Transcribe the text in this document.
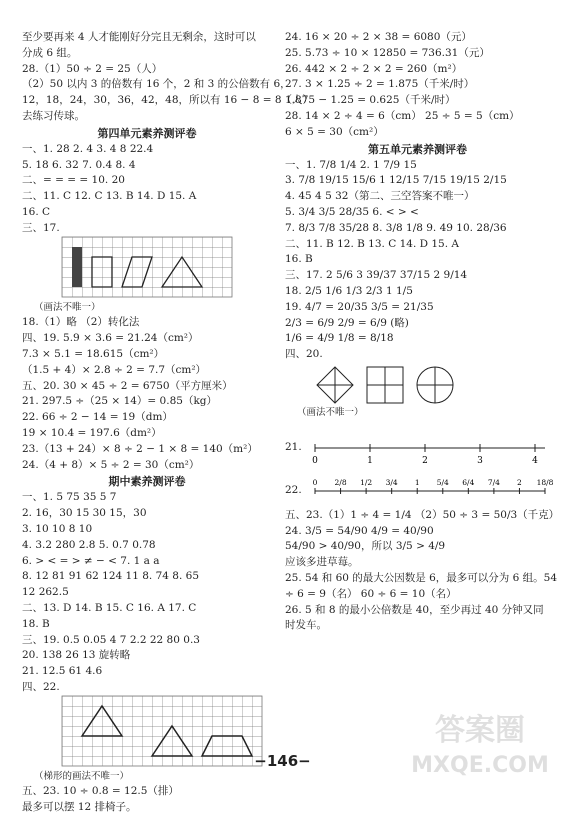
至少要再来 4 人才能刚好分完且无剩余，这时可以
分成 6 组。
28.（1）50 ÷ 2 = 25（人）
（2）50 以内 3 的倍数有 16 个，2 和 3 的公倍数有 6，
12，18，24，30，36，42，48，所以有 16 − 8 = 8（人）
去练习传球。
第四单元素养测评卷
一、1. 28 2. 4 3. 4 8 22.4
5. 18 6. 32 7. 0.4 8. 4
二、= = = = 10. 20
二、11. C 12. C 13. B 14. D 15. A
16. C
三、17.
（画法不唯一）
18.（1）略 （2）转化法
四、19. 5.9 × 3.6 = 21.24（cm²）
7.3 × 5.1 = 18.615（cm²）
（1.5 + 4）× 2.8 ÷ 2 = 7.7（cm²）
五、20. 30 × 45 ÷ 2 = 6750（平方厘米）
21. 297.5 ÷（25 × 14）= 0.85（kg）
22. 66 ÷ 2 − 14 = 19（dm）
19 × 10.4 = 197.6（dm²）
23.（13 + 24）× 8 ÷ 2 − 1 × 8 = 140（m²）
24.（4 + 8）× 5 ÷ 2 = 30（cm²）
期中素养测评卷
一、1. 5 75 35 5 7
2. 16，30 15 30 15，30
3. 10 10 8 10
4. 3.2 280 2.8 5. 0.7̇ 0.78
6. > < = > ≠ − < 7. 1 a a
8. 12 81 91 62 124 11 8. 74 8. 65
12 262.5
二、13. D 14. B 15. C 16. A 17. C
18. B
三、19. 0.5 0.05 4 7 2.2 22 80 0.3
20. 138 26 13 旋转略
21. 12.5 61 4.6
四、22.
（梯形的画法不唯一）
五、23. 10 ÷ 0.8 = 12.5（排）
最多可以摆 12 排椅子。
24. 16 × 20 ÷ 2 × 38 = 6080（元）
25. 5.73 ÷ 10 × 12850 = 736.31（元）
26. 442 × 2 ÷ 2 × 2 = 260（m²）
27. 3 × 1.25 ÷ 2 = 1.875（千米/时）
1.875 − 1.25 = 0.625（千米/时）
28. 14 × 2 ÷ 4 = 6（cm） 25 ÷ 5 = 5（cm）
6 × 5 = 30（cm²）
第五单元素养测评卷
一、1. 7/8 1/4 2. 1 7/9 15
3. 7/8 19/15 15/6 1 12/15 7/15 19/15 2/15
4. 45 4 5 32（第二、三空答案不唯一）
5. 3/4 3/5 28/35 6. < > <
7. 8/3 7/8 35/28 8. 3/8 1/8 9. 49 10. 28/36
二、11. B 12. B 13. C 14. D 15. A
16. B
三、17. 2 5/6 3 39/37 37/15 2 9/14
18. 2/5 1/6 1/3 2/3 1 1/5
19. 4/7 = 20/35 3/5 = 21/35
2/3 = 6/9 2/9 = 6/9 (略)
1/6 = 4/9 1/8 = 8/18
四、20.
（画法不唯一）
21.
0	1	2	3	4
22.
0 2/8 1/2 3/4 1 5/4 6/4 7/4 2 18/8
五、23.（1）1 ÷ 4 = 1/4 （2）50 ÷ 3 = 50/3（千克）
24. 3/5 = 54/90 4/9 = 40/90
54/90 > 40/90，所以 3/5 > 4/9
应该多进草莓。
25. 54 和 60 的最大公因数是 6，最多可以分为 6 组。54
÷ 6 = 9（名） 60 ÷ 6 = 10（名）
26. 5 和 8 的最小公倍数是 40，至少再过 40 分钟又同
时发车。
−146−
答案圈
MXQE.COM
